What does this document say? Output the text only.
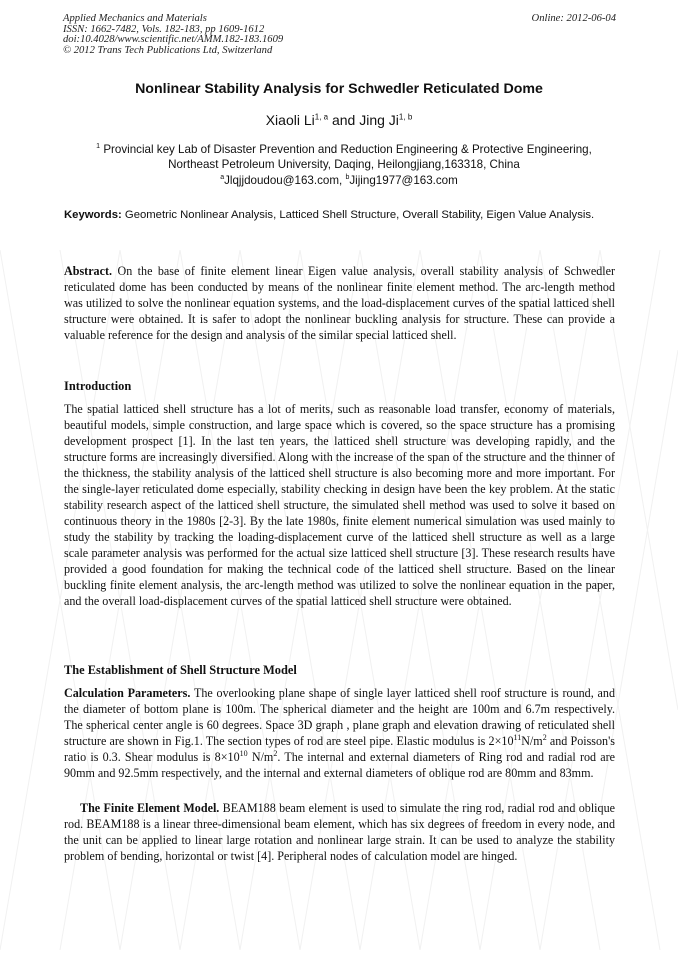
Applied Mechanics and Materials
ISSN: 1662-7482, Vols. 182-183, pp 1609-1612
doi:10.4028/www.scientific.net/AMM.182-183.1609
© 2012 Trans Tech Publications Ltd, Switzerland
Online: 2012-06-04
Nonlinear Stability Analysis for Schwedler Reticulated Dome
Xiaoli Li$^{1, a}$ and Jing Ji$^{1, b}$
$^1$ Provincial key Lab of Disaster Prevention and Reduction Engineering & Protective Engineering,
Northeast Petroleum University, Daqing, Heilongjiang,163318, China
$^a$Jlqjjdoudou@163.com, $^b$Jijing1977@163.com
Keywords: Geometric Nonlinear Analysis, Latticed Shell Structure, Overall Stability, Eigen Value Analysis.
Abstract. On the base of finite element linear Eigen value analysis, overall stability analysis of Schwedler reticulated dome has been conducted by means of the nonlinear finite element method. The arc-length method was utilized to solve the nonlinear equation systems, and the load-displacement curves of the spatial latticed shell structure were obtained. It is safer to adopt the nonlinear buckling analysis for structure. These can provide a valuable reference for the design and analysis of the similar special latticed shell.
Introduction
The spatial latticed shell structure has a lot of merits, such as reasonable load transfer, economy of materials, beautiful models, simple construction, and large space which is covered, so the space structure has a promising development prospect [1]. In the last ten years, the latticed shell structure was developing rapidly, and the structure forms are increasingly diversified. Along with the increase of the span of the structure and the thinner of the thickness, the stability analysis of the latticed shell structure is also becoming more and more important. For the single-layer reticulated dome especially, stability checking in design have been the key problem. At the static stability research aspect of the latticed shell structure, the simulated shell method was used to solve it based on continuous theory in the 1980s [2-3]. By the late 1980s, finite element numerical simulation was used mainly to study the stability by tracking the loading-displacement curve of the latticed shell structure as well as a large scale parameter analysis was performed for the actual size latticed shell structure [3]. These research results have provided a good foundation for making the technical code of the latticed shell structure. Based on the linear buckling finite element analysis, the arc-length method was utilized to solve the nonlinear equation in the paper, and the overall load-displacement curves of the spatial latticed shell structure were obtained.
The Establishment of Shell Structure Model
Calculation Parameters. The overlooking plane shape of single layer latticed shell roof structure is round, and the diameter of bottom plane is 100m. The spherical diameter and the height are 100m and 6.7m respectively. The spherical center angle is 60 degrees. Space 3D graph , plane graph and elevation drawing of reticulated shell structure are shown in Fig.1. The section types of rod are steel pipe. Elastic modulus is $2\times 10^{11}N/m^2$ and Poisson's ratio is 0.3. Shear modulus is $8\times 10^{10}$ $N/m^2$. The internal and external diameters of Ring rod and radial rod are 90mm and 92.5mm respectively, and the internal and external diameters of oblique rod are 80mm and 83mm.
The Finite Element Model. BEAM188 beam element is used to simulate the ring rod, radial rod and oblique rod. BEAM188 is a linear three-dimensional beam element, which has six degrees of freedom in every node, and the unit can be applied to linear large rotation and nonlinear large strain. It can be used to analyze the stability problem of bending, horizontal or twist [4]. Peripheral nodes of calculation model are hinged.
